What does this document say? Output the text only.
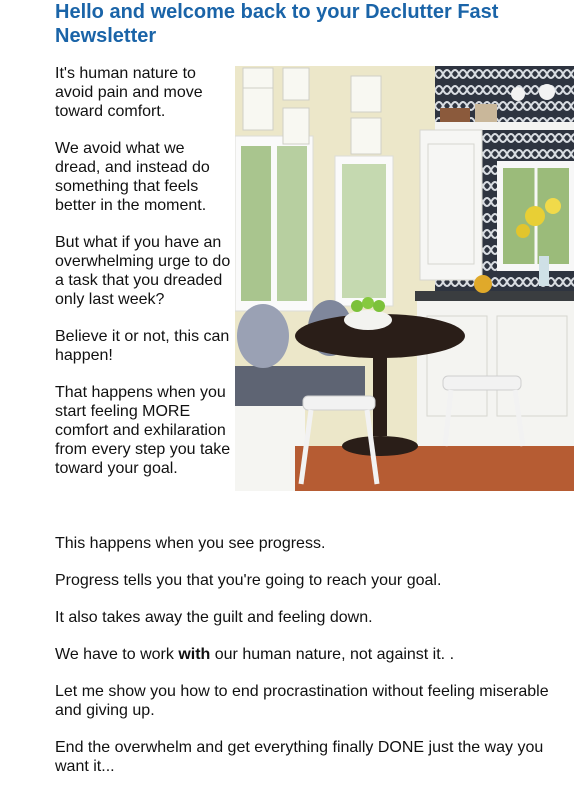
Hello and welcome back to your Declutter Fast Newsletter

It's human nature to avoid pain and move toward comfort.

We avoid what we dread, and instead do something that feels better in the moment.

But what if you have an overwhelming urge to do a task that you dreaded only last week?

Believe it or not, this can happen!

That happens when you start feeling MORE comfort and exhilaration from every step you take toward your goal.

This happens when you see progress.

Progress tells you that you're going to reach your goal.

It also takes away the guilt and feeling down.

We have to work with our human nature, not against it. .

Let me show you how to end procrastination without feeling miserable and giving up.

End the overwhelm and get everything finally DONE just the way you want it...
